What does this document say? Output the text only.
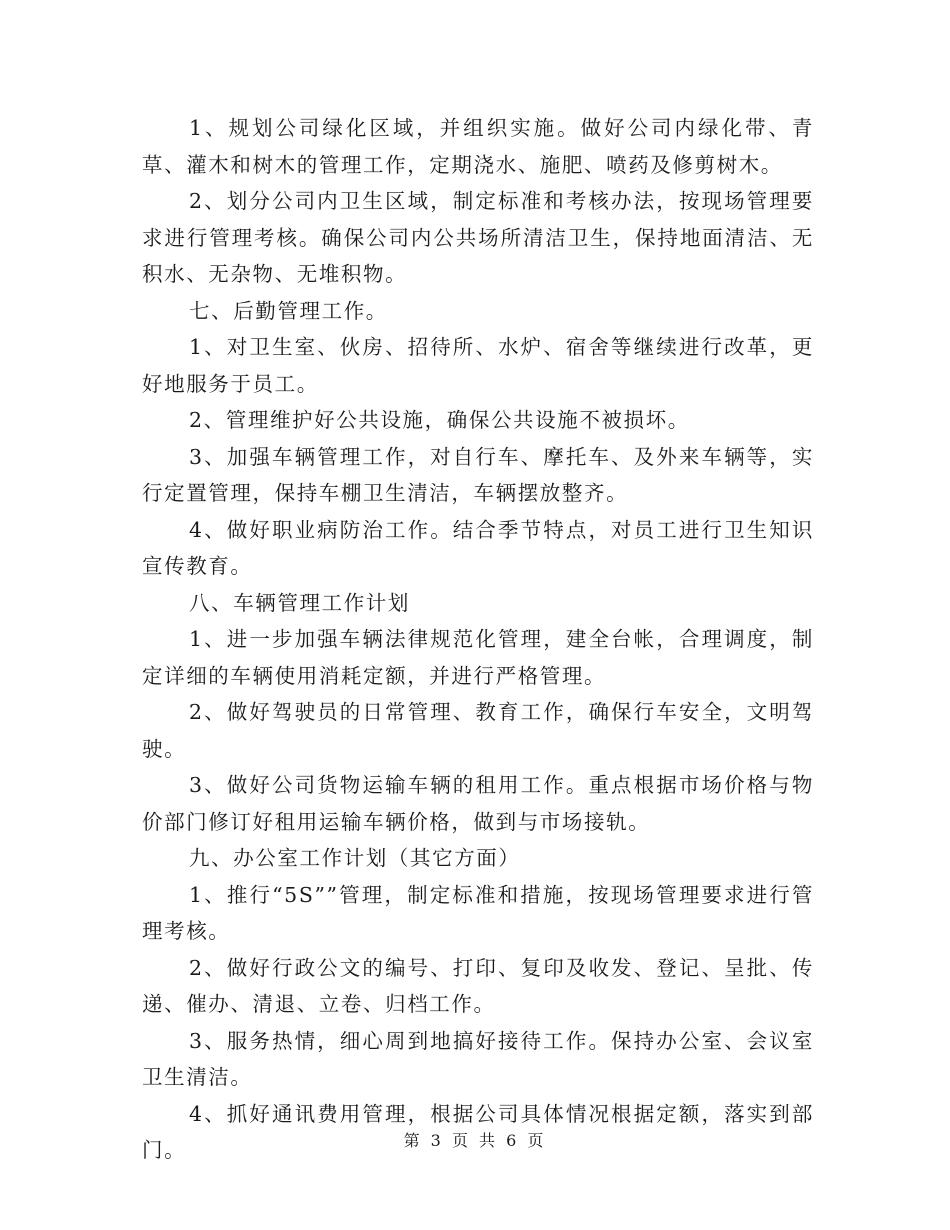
1、规划公司绿化区域，并组织实施。做好公司内绿化带、青草、灌木和树木的管理工作，定期浇水、施肥、喷药及修剪树木。

2、划分公司内卫生区域，制定标准和考核办法，按现场管理要求进行管理考核。确保公司内公共场所清洁卫生，保持地面清洁、无积水、无杂物、无堆积物。

七、后勤管理工作。

1、对卫生室、伙房、招待所、水炉、宿舍等继续进行改革，更好地服务于员工。

2、管理维护好公共设施，确保公共设施不被损坏。

3、加强车辆管理工作，对自行车、摩托车、及外来车辆等，实行定置管理，保持车棚卫生清洁，车辆摆放整齐。

4、做好职业病防治工作。结合季节特点，对员工进行卫生知识宣传教育。

八、车辆管理工作计划

1、进一步加强车辆法律规范化管理，建全台帐，合理调度，制定详细的车辆使用消耗定额，并进行严格管理。

2、做好驾驶员的日常管理、教育工作，确保行车安全，文明驾驶。

3、做好公司货物运输车辆的租用工作。重点根据市场价格与物价部门修订好租用运输车辆价格，做到与市场接轨。

九、办公室工作计划（其它方面）

1、推行“5S””管理，制定标准和措施，按现场管理要求进行管理考核。

2、做好行政公文的编号、打印、复印及收发、登记、呈批、传递、催办、清退、立卷、归档工作。

3、服务热情，细心周到地搞好接待工作。保持办公室、会议室卫生清洁。

4、抓好通讯费用管理，根据公司具体情况根据定额，落实到部门。	第 3 页 共 6 页
